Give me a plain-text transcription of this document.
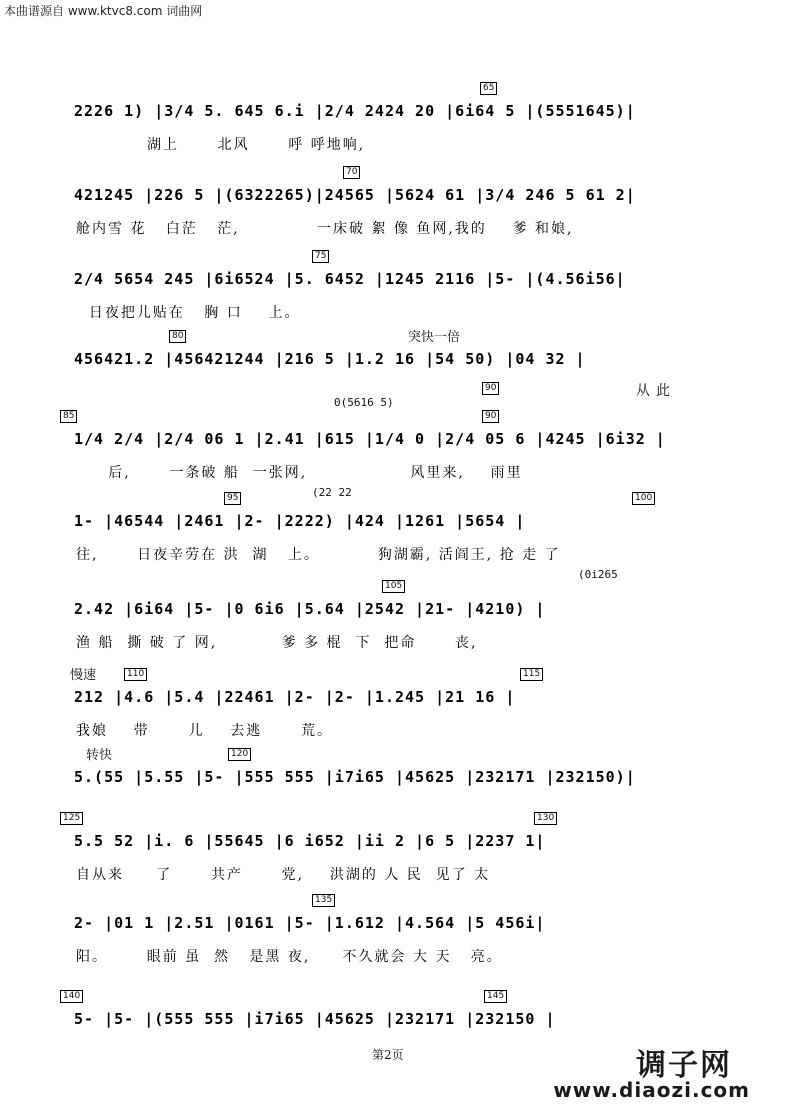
本曲谱源自 www.ktvc8.com 词曲网
65
2226 1) |3/4 5. 645 6.i |2/4 2424 20 |6i64 5 |(5551645)|
湖上      北风      呼 呼地响,
70
421245 |226 5 |(6322265)|24565 |5624 61 |3/4 246 5 61 2|
舱内雪 花   白茫   茫,            一床破 絮 像 鱼网,我的    爹 和娘,
75
2/4 5654 245 |6i6524 |5. 6452 |1245 2116 |5- |(4.56i56|
日夜把儿贴在   胸 口    上。
80	突快一倍
456421.2 |456421244 |216 5 |1.2 16 |54 50) |04 32 |
从此
85
90
90
0(5616 5)
1/4 2/4 |2/4 06 1 |2.41 |615 |1/4 0 |2/4 05 6 |4245 |6i32 |
后,      一条破 船  一张网,                风里来,    雨里
95	100
(22 22
1- |46544 |2461 |2- |2222) |424 |1261 |5654 |
往,      日夜辛劳在 洪  湖   上。         狗湖霸, 活阎王, 抢 走 了
105
(0i265
2.42 |6i64 |5- |0 6i6 |5.64 |2542 |21- |4210) |
渔 船  撕 破 了 网,          爹 多 棍  下  把命      丧,
慢速	110	115
212 |4.6 |5.4 |22461 |2- |2- |1.245 |21 16 |
我娘    带      儿    去逃      荒。
转快	120
5.(55 |5.55 |5- |555 555 |i7i65 |45625 |232171 |232150)|
125	130
5.5 52 |i. 6 |55645 |6 i652 |ii 2 |6 5 |2237 1|
自从来     了      共产      党,    洪湖的 人 民  见了 太
135
2- |01 1 |2.51 |0161 |5- |1.612 |4.564 |5 456i|
阳。      眼前 虽  然   是黑 夜,     不久就会 大 天   亮。
140	145
5- |5- |(555 555 |i7i65 |45625 |232171 |232150 |
第2页	调子网
www.diaozi.com
